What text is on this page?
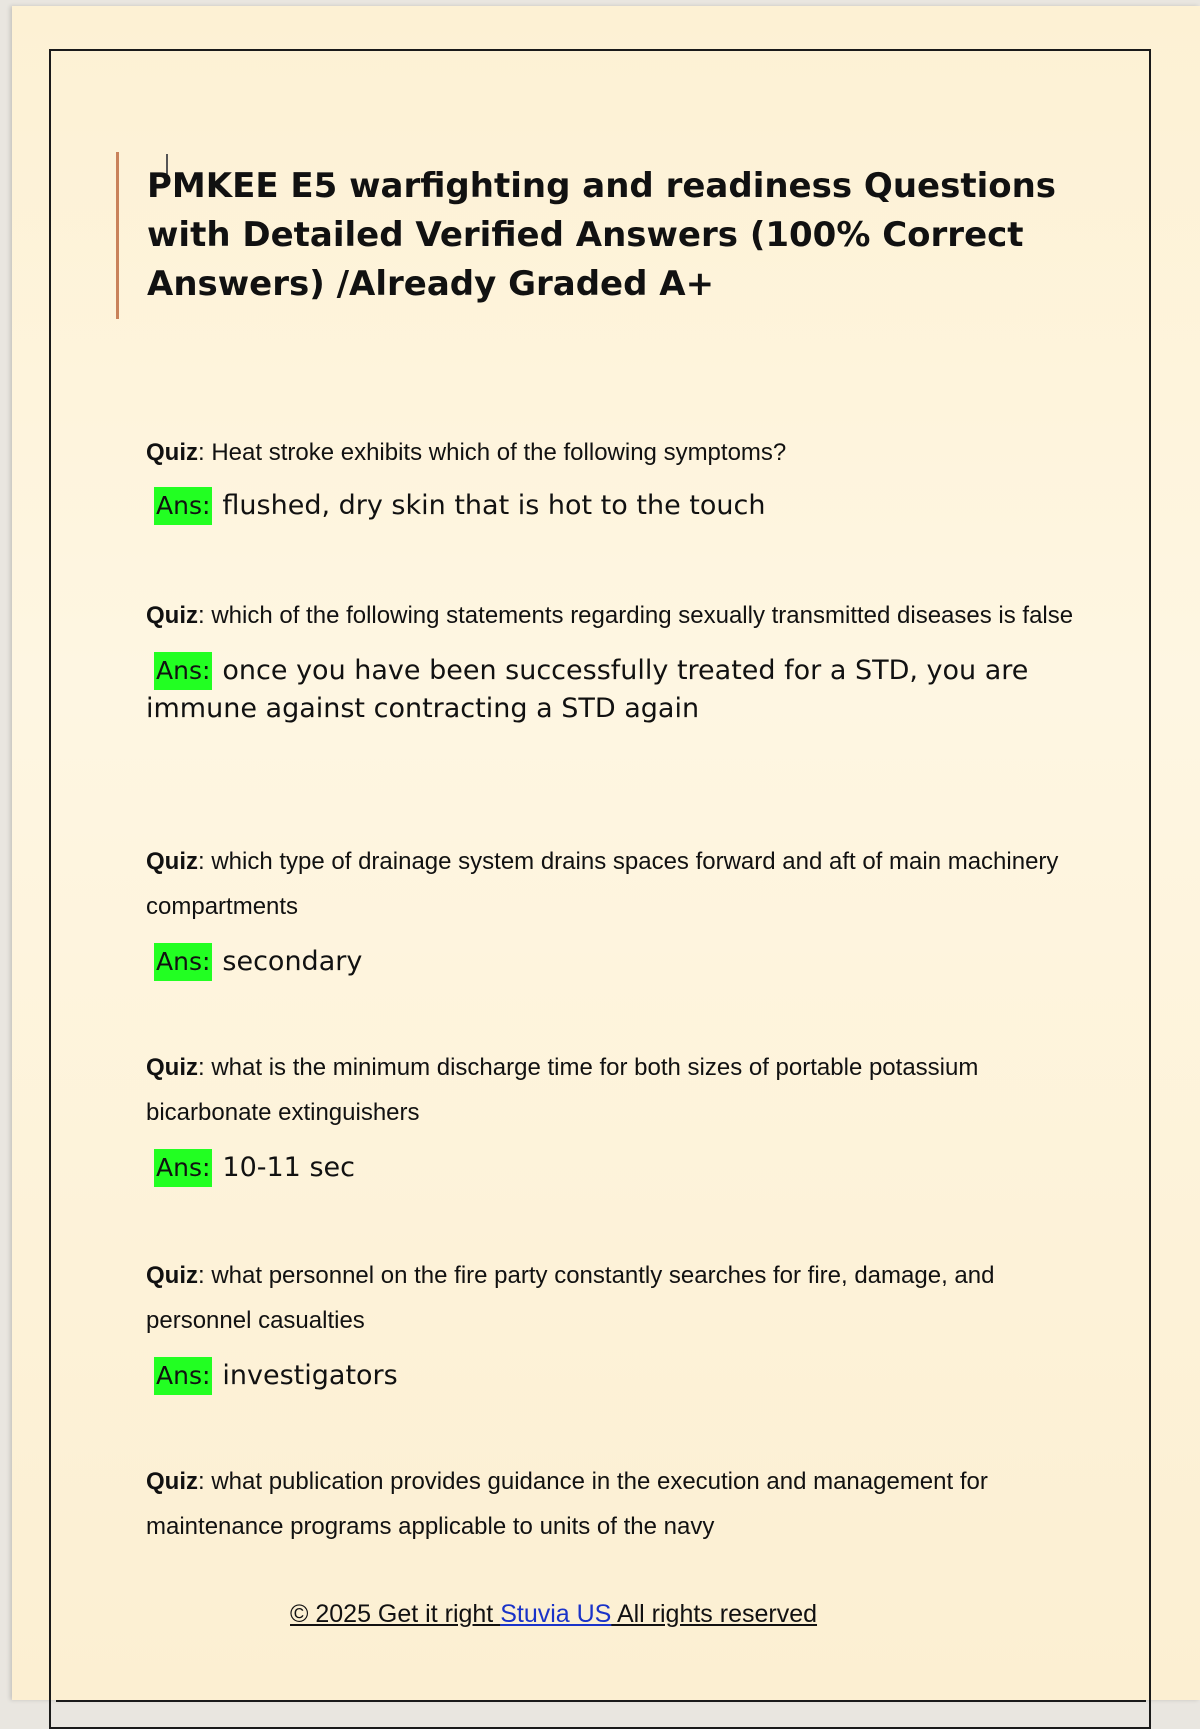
PMKEE E5 warfighting and readiness Questions with Detailed Verified Answers (100% Correct Answers) /Already Graded A+

Quiz: Heat stroke exhibits which of the following symptoms?

Ans: flushed, dry skin that is hot to the touch

Quiz: which of the following statements regarding sexually transmitted diseases is false

Ans: once you have been successfully treated for a STD, you are immune against contracting a STD again

Quiz: which type of drainage system drains spaces forward and aft of main machinery compartments

Ans: secondary

Quiz: what is the minimum discharge time for both sizes of portable potassium bicarbonate extinguishers

Ans: 10-11 sec

Quiz: what personnel on the fire party constantly searches for fire, damage, and personnel casualties

Ans: investigators

Quiz: what publication provides guidance in the execution and management for maintenance programs applicable to units of the navy

© 2025 Get it right Stuvia US All rights reserved
